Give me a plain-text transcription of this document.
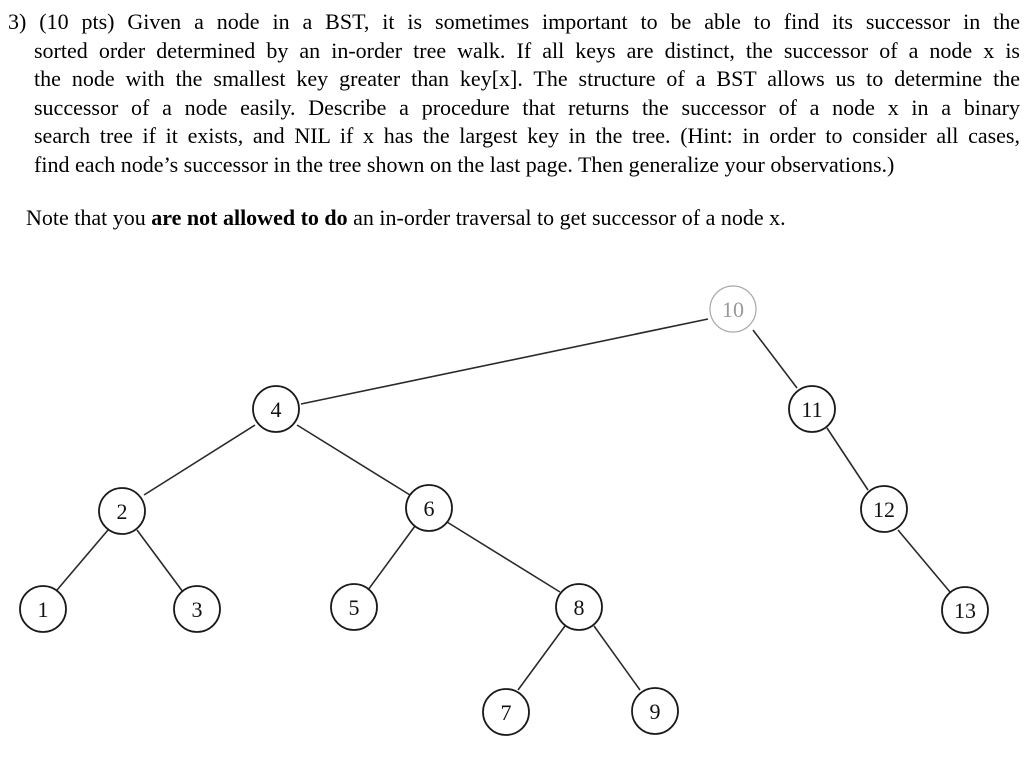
3) (10 pts) Given a node in a BST, it is sometimes important to be able to find its successor in the
sorted order determined by an in-order tree walk. If all keys are distinct, the successor of a node x is
the node with the smallest key greater than key[x]. The structure of a BST allows us to determine the
successor of a node easily. Describe a procedure that returns the successor of a node x in a binary
search tree if it exists, and NIL if x has the largest key in the tree. (Hint: in order to consider all cases,
find each node’s successor in the tree shown on the last page. Then generalize your observations.)
Note that you are not allowed to do an in-order traversal to get successor of a node x.
10
4	11
2	6	12
1	3	5	8	13
7	9
